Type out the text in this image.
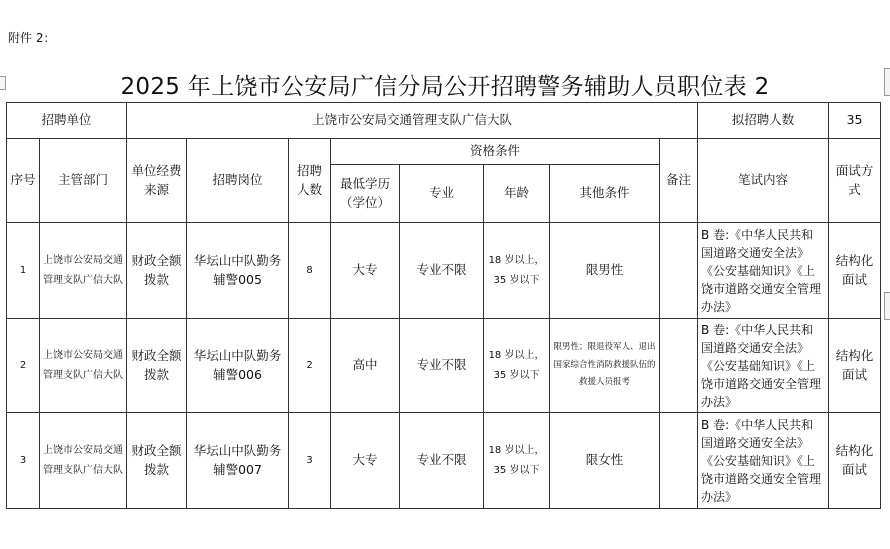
附件 2：
2025 年上饶市公安局广信分局公开招聘警务辅助人员职位表 2
招聘单位		上饶市公安局交通管理支队广信大队								拟招聘人数	35
序号	主管部门	单位经费来源	招聘岗位	招聘人数	资格条件				备注	笔试内容	面试方式
					最低学历（学位）	专业	年龄	其他条件			
1	上饶市公安局交通管理支队广信大队	财政全额拨款	华坛山中队勤务辅警005	8	大专	专业不限	18 岁以上，35 岁以下	限男性		B 卷:《中华人民共和国道路交通安全法》《公安基础知识》《上饶市道路交通安全管理办法》	结构化面试
2	上饶市公安局交通管理支队广信大队	财政全额拨款	华坛山中队勤务辅警006	2	高中	专业不限	18 岁以上，35 岁以下	限男性；限退役军人、退出国家综合性消防救援队伍的救援人员报考		B 卷:《中华人民共和国道路交通安全法》《公安基础知识》《上饶市道路交通安全管理办法》	结构化面试
3	上饶市公安局交通管理支队广信大队	财政全额拨款	华坛山中队勤务辅警007	3	大专	专业不限	18 岁以上，35 岁以下	限女性		B 卷:《中华人民共和国道路交通安全法》《公安基础知识》《上饶市道路交通安全管理办法》	结构化面试
